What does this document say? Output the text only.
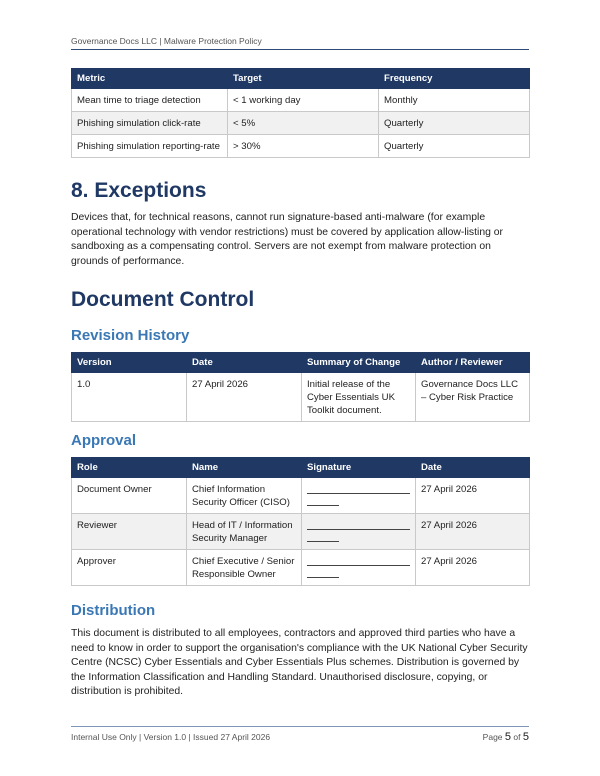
Governance Docs LLC | Malware Protection Policy
Metric	Target	Frequency
Mean time to triage detection	< 1 working day	Monthly
Phishing simulation click-rate	< 5%	Quarterly
Phishing simulation reporting-rate	> 30%	Quarterly
8. Exceptions

Devices that, for technical reasons, cannot run signature-based anti-malware (for example operational technology with vendor restrictions) must be covered by application allow-listing or sandboxing as a compensating control. Servers are not exempt from malware protection on grounds of performance.

Document Control
Revision History
Version	Date	Summary of Change	Author / Reviewer
1.0	27 April 2026	Initial release of the Cyber Essentials UK Toolkit document.	Governance Docs LLC – Cyber Risk Practice
Approval
Role	Name	Signature	Date
Document Owner	Chief Information Security Officer (CISO)		27 April 2026
Reviewer	Head of IT / Information Security Manager		27 April 2026
Approver	Chief Executive / Senior Responsible Owner		27 April 2026
Distribution

This document is distributed to all employees, contractors and approved third parties who have a need to know in order to support the organisation's compliance with the UK National Cyber Security Centre (NCSC) Cyber Essentials and Cyber Essentials Plus schemes. Distribution is governed by the Information Classification and Handling Standard. Unauthorised disclosure, copying, or distribution is prohibited.

Internal Use Only | Version 1.0 | Issued 27 April 2026	Page 5 of 5
